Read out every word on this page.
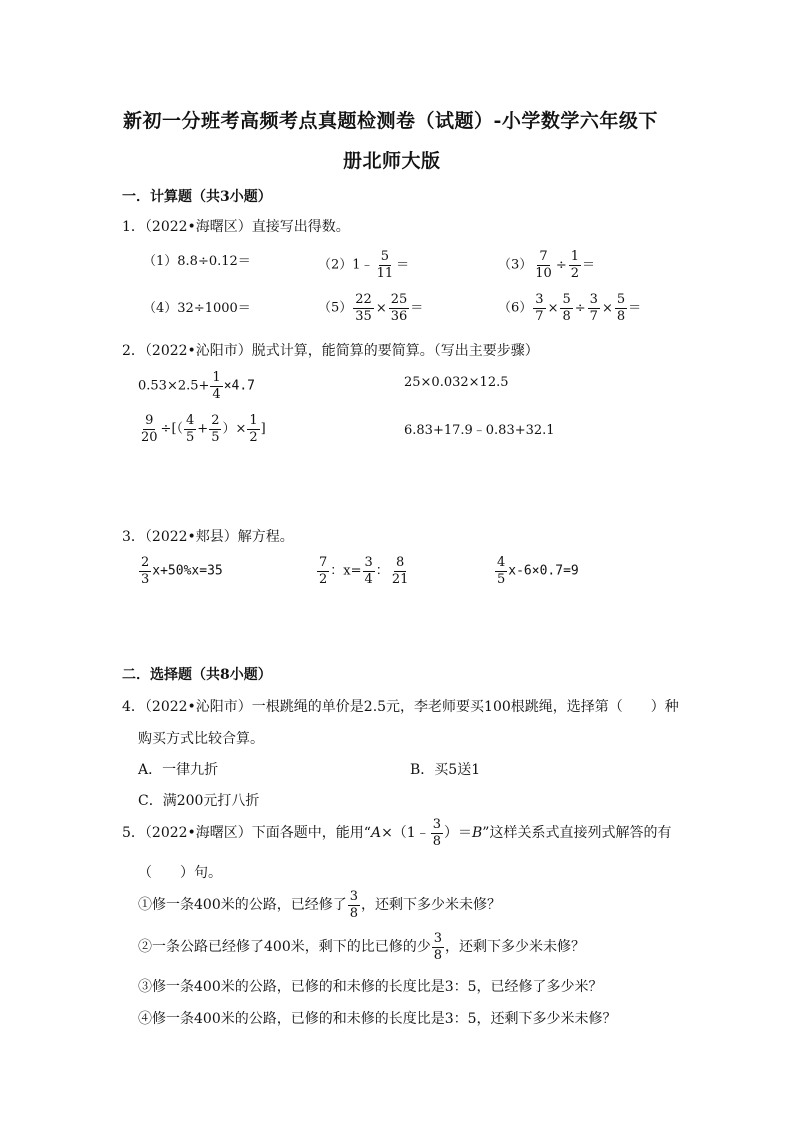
新初一分班考高频考点真题检测卷（试题）-小学数学六年级下
册北师大版
一．计算题（共3小题）
1．（2022•海曙区）直接写出得数。
（1）8.8÷0.12＝	（2）1﹣ $\frac{5}{11}$ ＝	$(3) \frac{7}{10} \div \frac{1}{2}$ ＝
（4）32÷1000＝	$(5) \frac{22}{35} \times \frac{25}{36}$ ＝	$(6) \frac{3}{7} \times \frac{5}{8} \div \frac{3}{7} \times \frac{5}{8}$ ＝
2．（2022•沁阳市）脱式计算，能简算的要简算。（写出主要步骤）
$0.53\times 2.5+ \frac{1}{4} \times 4.7$	25×0.032×12.5
$\frac{9}{20}$ ÷[（ $\frac{4}{5} + \frac{2}{5}$ ）× $\frac{1}{2}$ ]	6.83+17.9﹣0.83+32.1
3．（2022•郏县）解方程。
$\frac{2}{3} x+50\%x=35$	$\frac{7}{2}$ ：$x= \frac{3}{4}$ ： $\frac{8}{21}$	$\frac{4}{5} x-6\times 0.7=9$
二．选择题（共8小题）
4．（2022•沁阳市）一根跳绳的单价是2.5元，李老师要买100根跳绳，选择第（　　）种
购买方式比较合算。
A．一律九折	B．买5送1
C．满200元打八折
5．（2022•海曙区）下面各题中，能用“A×（1﹣ $\frac{3}{8} )=B$”这样关系式直接列式解答的有
（　　）句。
①修一条400米的公路，已经修了 $\frac{3}{8}$ ，还剩下多少米未修？
②一条公路已经修了400米，剩下的比已修的少 $\frac{3}{8}$ ，还剩下多少米未修？
③修一条400米的公路，已修的和未修的长度比是3：5，已经修了多少米？
④修一条400米的公路，已修的和未修的长度比是3：5，还剩下多少米未修？
